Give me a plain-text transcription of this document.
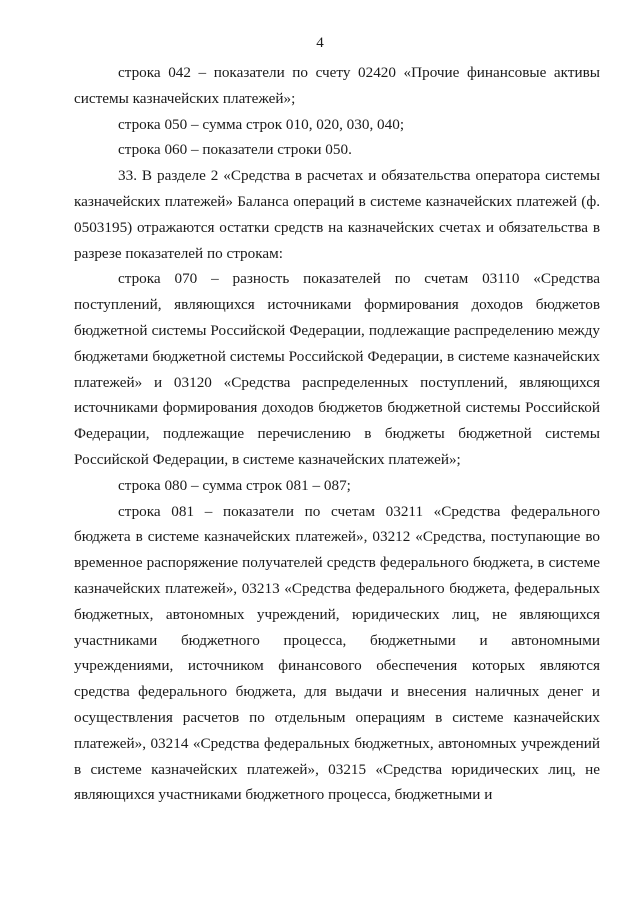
4

строка 042 – показатели по счету 02420 «Прочие финансовые активы системы казначейских платежей»;

строка 050 – сумма строк 010, 020, 030, 040;

строка 060 – показатели строки 050.

33. В разделе 2 «Средства в расчетах и обязательства оператора системы казначейских платежей» Баланса операций в системе казначейских платежей (ф. 0503195) отражаются остатки средств на казначейских счетах и обязательства в разрезе показателей по строкам:

строка 070 – разность показателей по счетам 03110 «Средства поступлений, являющихся источниками формирования доходов бюджетов бюджетной системы Российской Федерации, подлежащие распределению между бюджетами бюджетной системы Российской Федерации, в системе казначейских платежей» и 03120 «Средства распределенных поступлений, являющихся источниками формирования доходов бюджетов бюджетной системы Российской Федерации, подлежащие перечислению в бюджеты бюджетной системы Российской Федерации, в системе казначейских платежей»;

строка 080 – сумма строк 081 – 087;

строка 081 – показатели по счетам 03211 «Средства федерального бюджета в системе казначейских платежей», 03212 «Средства, поступающие во временное распоряжение получателей средств федерального бюджета, в системе казначейских платежей», 03213 «Средства федерального бюджета, федеральных бюджетных, автономных учреждений, юридических лиц, не являющихся участниками бюджетного процесса, бюджетными и автономными учреждениями, источником финансового обеспечения которых являются средства федерального бюджета, для выдачи и внесения наличных денег и осуществления расчетов по отдельным операциям в системе казначейских платежей», 03214 «Средства федеральных бюджетных, автономных учреждений в системе казначейских платежей», 03215 «Средства юридических лиц, не являющихся участниками бюджетного процесса, бюджетными и
